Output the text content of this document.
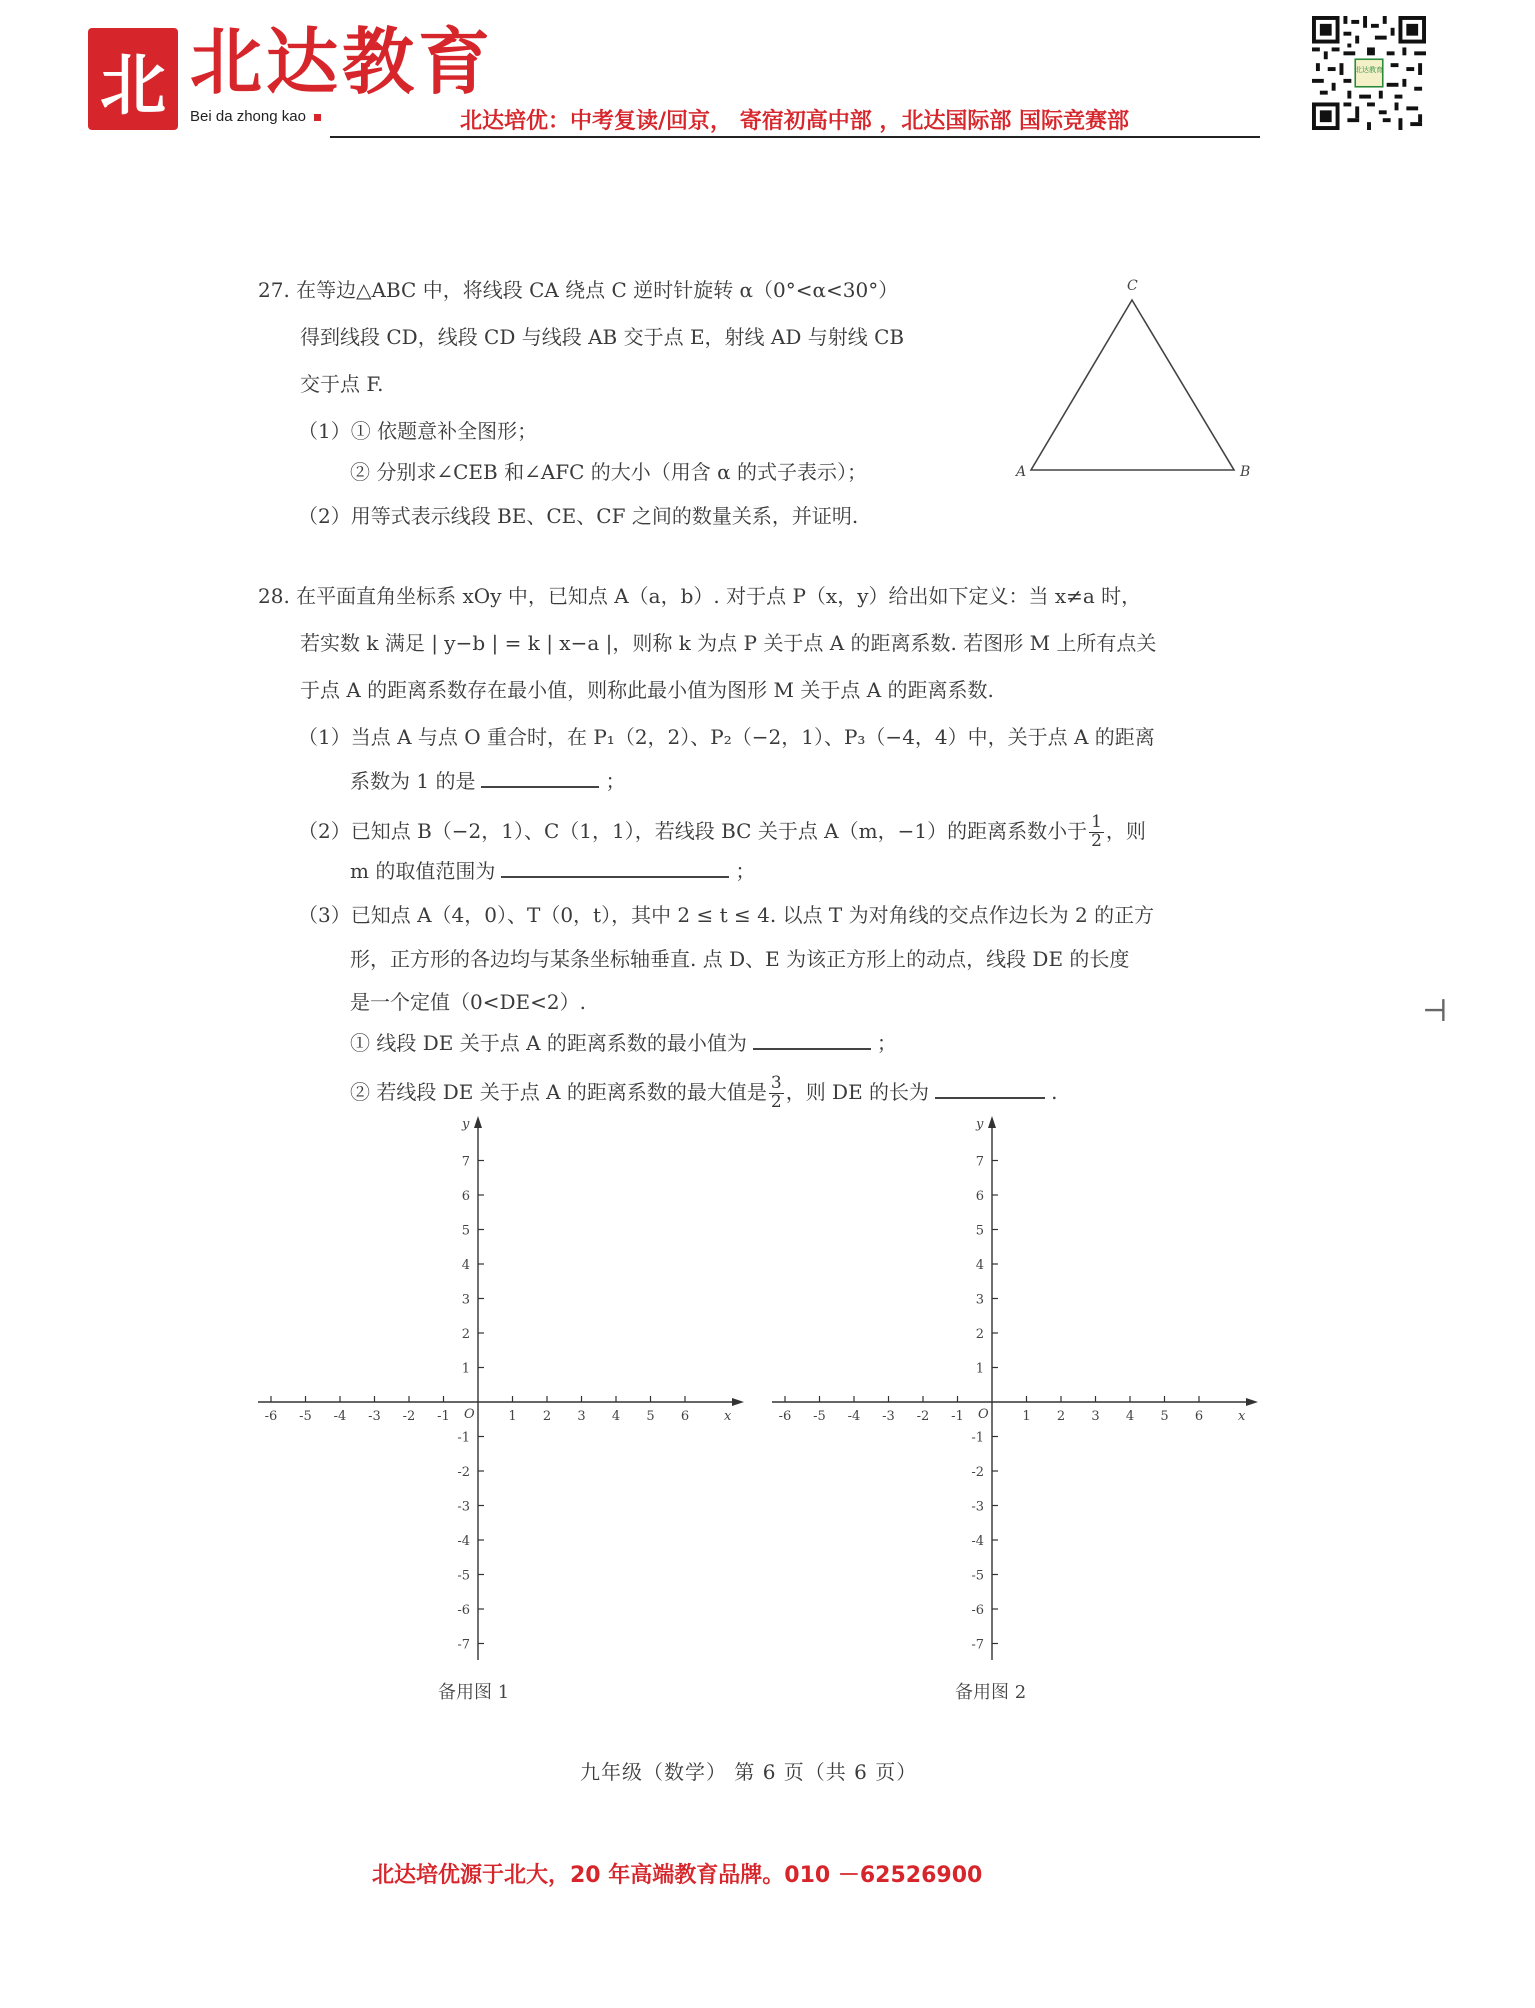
北 北达教育
Bei da zhong kao	北达培优：中考复读/回京， 寄宿初高中部 ，北达国际部 国际竞赛部
北达教育
27. 在等边△ABC 中，将线段 CA 绕点 C 逆时针旋转 α（0°<α<30°）
得到线段 CD，线段 CD 与线段 AB 交于点 E，射线 AD 与射线 CB
交于点 F.
（1）① 依题意补全图形；
② 分别求∠CEB 和∠AFC 的大小（用含 α 的式子表示）；
（2）用等式表示线段 BE、CE、CF 之间的数量关系，并证明.
C
A	B
28. 在平面直角坐标系 xOy 中，已知点 A（a，b）. 对于点 P（x，y）给出如下定义：当 x≠a 时，
若实数 k 满足 | y−b | = k | x−a |，则称 k 为点 P 关于点 A 的距离系数. 若图形 M 上所有点关
于点 A 的距离系数存在最小值，则称此最小值为图形 M 关于点 A 的距离系数.
（1）当点 A 与点 O 重合时，在 P₁（2，2）、P₂（−2，1）、P₃（−4，4）中，关于点 A 的距离
系数为 1 的是	；
（2）已知点 B（−2，1）、C（1，1），若线段 BC 关于点 A（m，−1）的距离系数小于 $\frac{1}{2}$ ，则
m 的取值范围为	；
（3）已知点 A（4，0）、T（0，t），其中 2 ≤ t ≤ 4. 以点 T 为对角线的交点作边长为 2 的正方
形，正方形的各边均与某条坐标轴垂直. 点 D、E 为该正方形上的动点，线段 DE 的长度
是一个定值（0<DE<2）.
① 线段 DE 关于点 A 的距离系数的最小值为	；
② 若线段 DE 关于点 A 的距离系数的最大值是 $\frac{3}{2}$ ，则 DE 的长为	.
x
y
O
-6 -5 -4 -3 -2 -1	1 2 3 4 5 6
1
2
3
4
5
6
7
-1
-2
-3
-4
-5
-6
-7
x
y
O
-6 -5 -4 -3 -2 -1	1 2 3 4 5 6
1
2
3
4
5
6
7
-1
-2
-3
-4
-5
-6
-7
备用图 1	备用图 2
⊣
九年级（数学） 第 6 页（共 6 页）
北达培优源于北大，20 年高端教育品牌。010 －62526900
